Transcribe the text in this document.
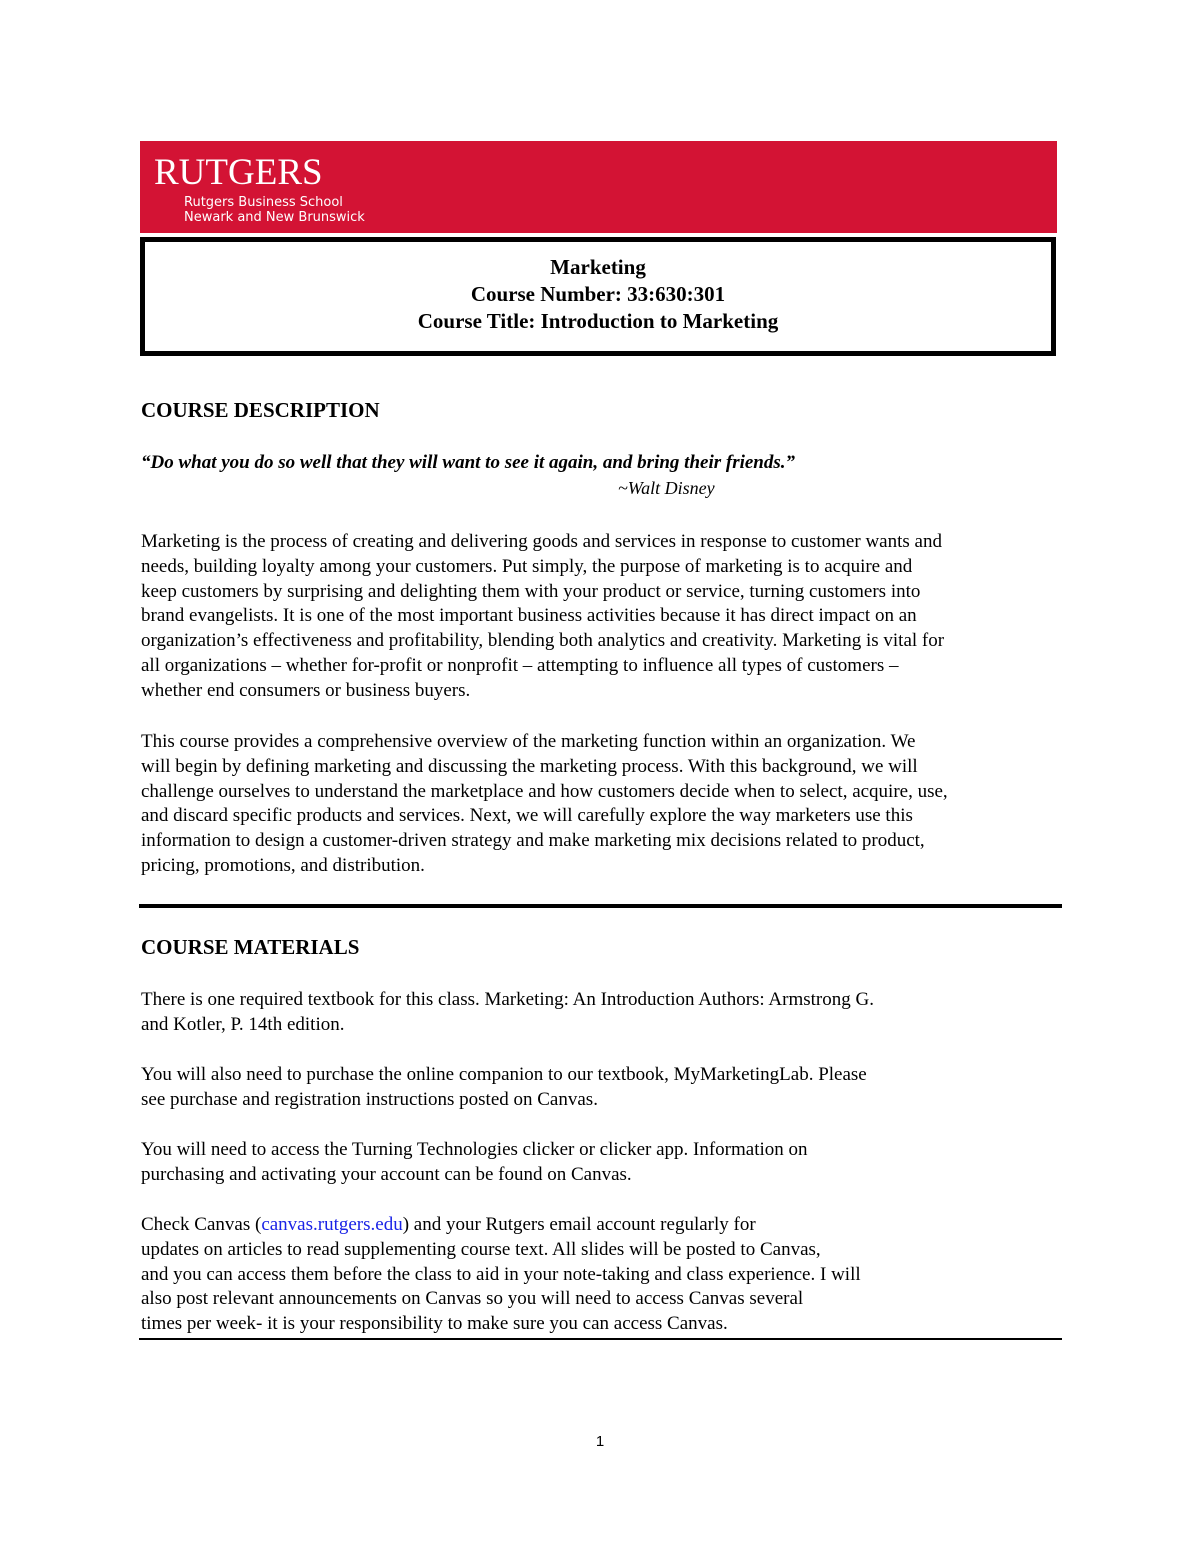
RUTGERS
Rutgers Business School
Newark and New Brunswick
Marketing
Course Number: 33:630:301
Course Title: Introduction to Marketing
COURSE DESCRIPTION
“Do what you do so well that they will want to see it again, and bring their friends.”
~Walt Disney
Marketing is the process of creating and delivering goods and services in response to customer wants and
needs, building loyalty among your customers. Put simply, the purpose of marketing is to acquire and
keep customers by surprising and delighting them with your product or service, turning customers into
brand evangelists. It is one of the most important business activities because it has direct impact on an
organization’s effectiveness and profitability, blending both analytics and creativity. Marketing is vital for
all organizations – whether for-profit or nonprofit – attempting to influence all types of customers –
whether end consumers or business buyers.
This course provides a comprehensive overview of the marketing function within an organization. We
will begin by defining marketing and discussing the marketing process. With this background, we will
challenge ourselves to understand the marketplace and how customers decide when to select, acquire, use,
and discard specific products and services. Next, we will carefully explore the way marketers use this
information to design a customer-driven strategy and make marketing mix decisions related to product,
pricing, promotions, and distribution.
COURSE MATERIALS
There is one required textbook for this class. Marketing: An Introduction Authors: Armstrong G.
and Kotler, P. 14th edition.
You will also need to purchase the online companion to our textbook, MyMarketingLab. Please
see purchase and registration instructions posted on Canvas.
You will need to access the Turning Technologies clicker or clicker app. Information on
purchasing and activating your account can be found on Canvas.
Check Canvas (canvas.rutgers.edu) and your Rutgers email account regularly for
updates on articles to read supplementing course text. All slides will be posted to Canvas,
and you can access them before the class to aid in your note-taking and class experience. I will
also post relevant announcements on Canvas so you will need to access Canvas several
times per week- it is your responsibility to make sure you can access Canvas.
1
